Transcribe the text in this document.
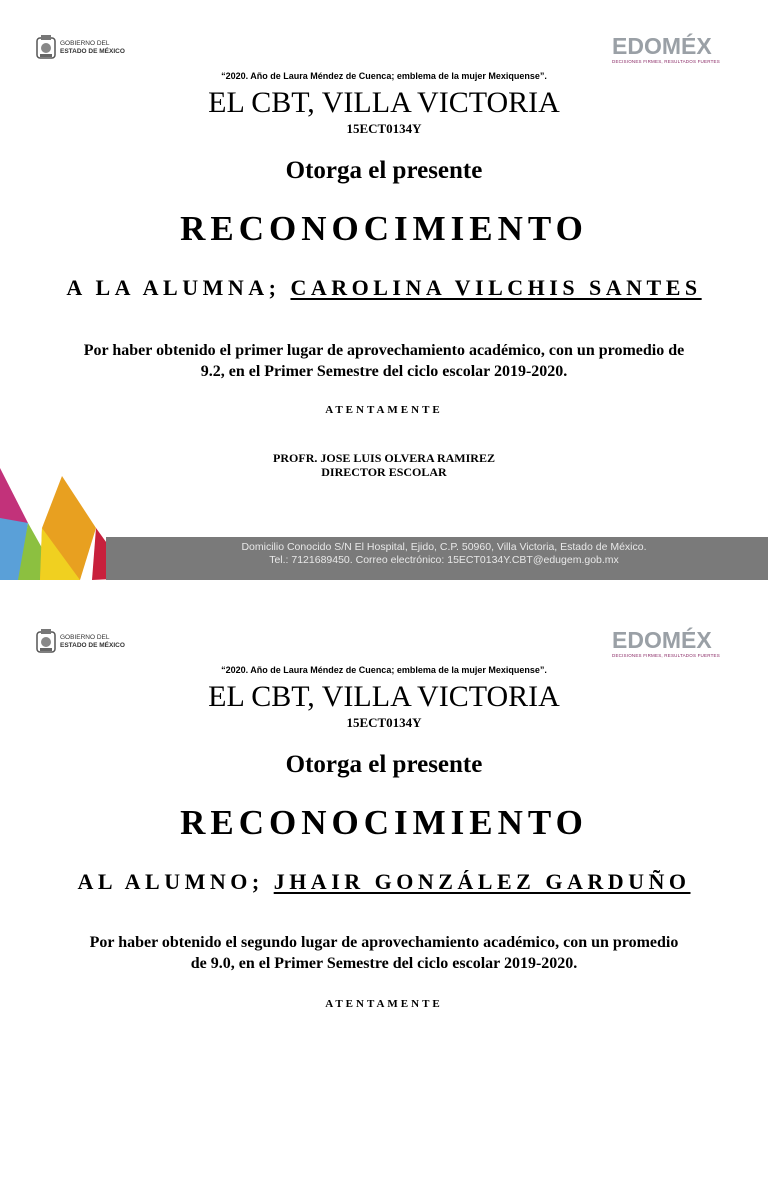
GOBIERNO DEL
ESTADO DE MÉXICO	EDOMÉX
DECISIONES FIRMES, RESULTADOS FUERTES
“2020. Año de Laura Méndez de Cuenca; emblema de la mujer Mexiquense”.
EL CBT, VILLA VICTORIA
15ECT0134Y
Otorga el presente
RECONOCIMIENTO
A LA ALUMNA; CAROLINA VILCHIS SANTES
Por haber obtenido el primer lugar de aprovechamiento académico, con un promedio de
9.2, en el Primer Semestre del ciclo escolar 2019-2020.
ATENTAMENTE
PROFR. JOSE LUIS OLVERA RAMIREZ
DIRECTOR ESCOLAR
Domicilio Conocido S/N El Hospital, Ejido, C.P. 50960, Villa Victoria, Estado de México.
Tel.: 7121689450. Correo electrónico: 15ECT0134Y.CBT@edugem.gob.mx
GOBIERNO DEL
ESTADO DE MÉXICO	EDOMÉX
DECISIONES FIRMES, RESULTADOS FUERTES
“2020. Año de Laura Méndez de Cuenca; emblema de la mujer Mexiquense”.
EL CBT, VILLA VICTORIA
15ECT0134Y
Otorga el presente
RECONOCIMIENTO
AL ALUMNO; JHAIR GONZÁLEZ GARDUÑO
Por haber obtenido el segundo lugar de aprovechamiento académico, con un promedio
de 9.0, en el Primer Semestre del ciclo escolar 2019-2020.
ATENTAMENTE
